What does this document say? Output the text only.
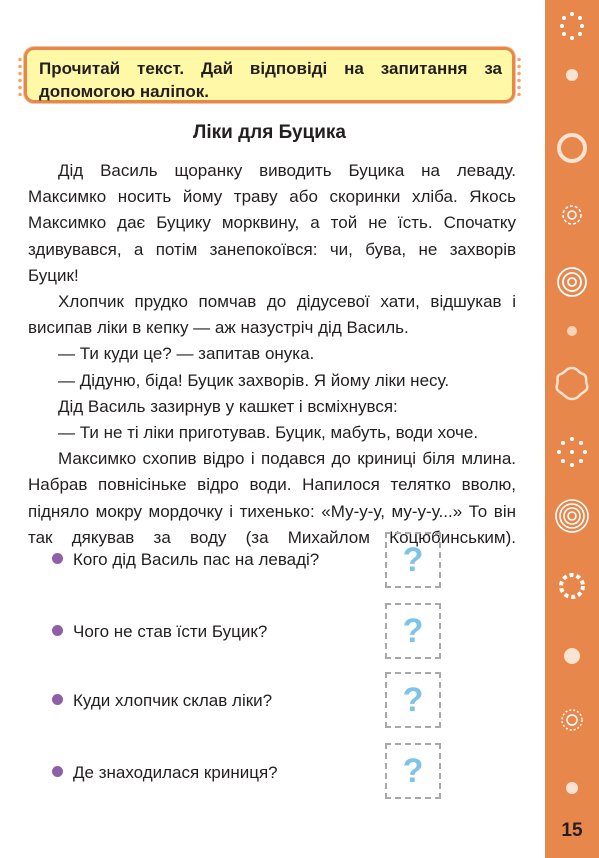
15
Прочитай текст. Дай відповіді на запитання за допомогою наліпок.
Ліки для Буцика

Дід Василь щоранку виводить Буцика на леваду. Максимко носить йому траву або скоринки хліба. Якось Максимко дає Буцику морквину, а той не їсть. Спочатку здивувався, а потім занепокоївся: чи, бува, не захворів Буцик!

Хлопчик прудко помчав до дідусевої хати, відшукав і висипав ліки в кепку — аж назустріч дід Василь.

— Ти куди це? — запитав онука.

— Дідуню, біда! Буцик захворів. Я йому ліки несу.

Дід Василь зазирнув у кашкет і всміхнувся:

— Ти не ті ліки приготував. Буцик, мабуть, води хоче.

Максимко схопив відро і подався до криниці біля млина. Набрав повнісіньке відро води. Напилося телятко вволю, підняло мокру мордочку і тихенько: «Му-у-у, му-у-у...» То він так дякував за воду (за Михайлом Коцюбинським).

Кого дід Василь пас на леваді?	?
Чого не став їсти Буцик?	?
Куди хлопчик склав ліки?	?
Де знаходилася криниця?	?
